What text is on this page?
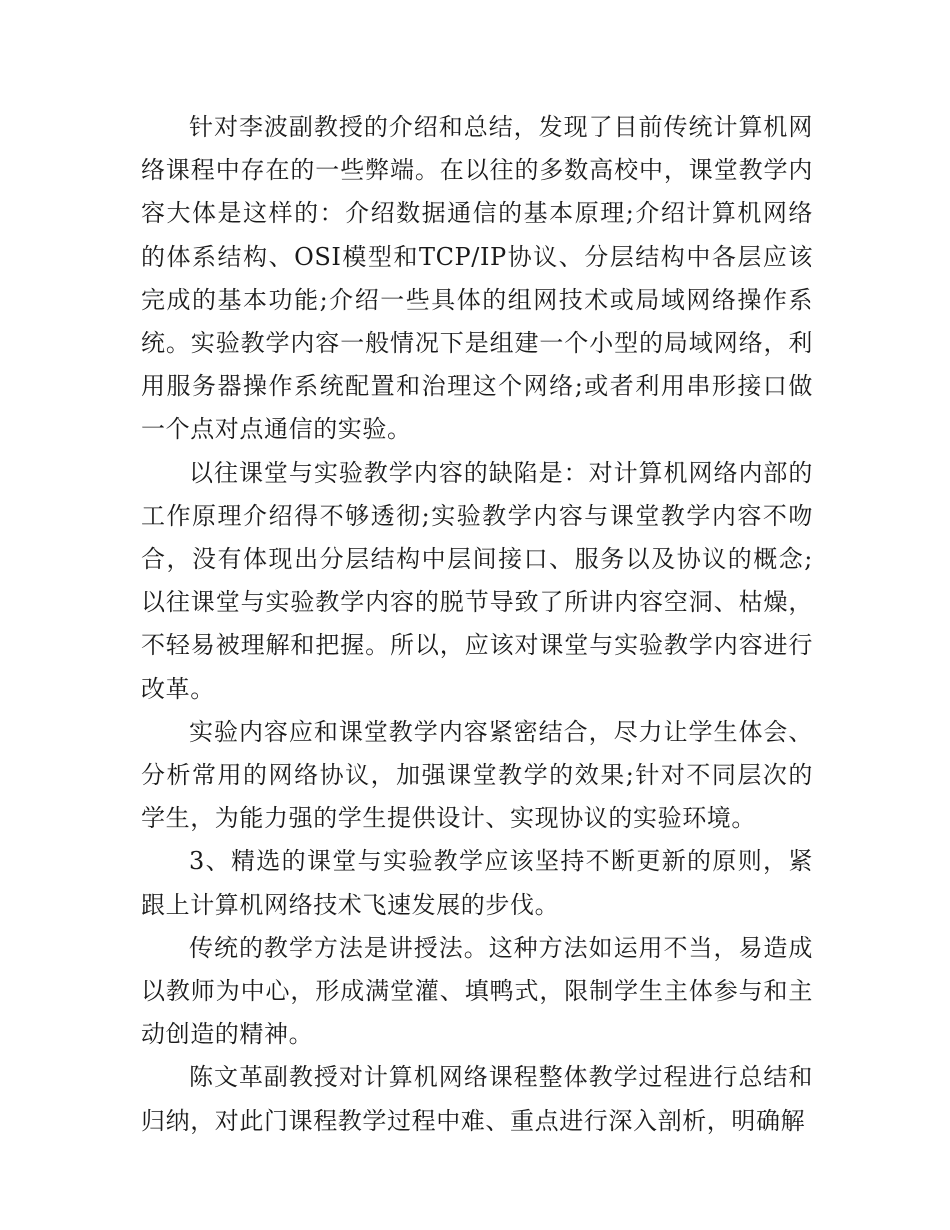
针对李波副教授的介绍和总结，发现了目前传统计算机网络课程中存在的一些弊端。在以往的多数高校中，课堂教学内容大体是这样的：介绍数据通信的基本原理;介绍计算机网络的体系结构、OSI模型和TCP/IP协议、分层结构中各层应该完成的基本功能;介绍一些具体的组网技术或局域网络操作系统。实验教学内容一般情况下是组建一个小型的局域网络，利用服务器操作系统配置和治理这个网络;或者利用串形接口做一个点对点通信的实验。

以往课堂与实验教学内容的缺陷是：对计算机网络内部的工作原理介绍得不够透彻;实验教学内容与课堂教学内容不吻合，没有体现出分层结构中层间接口、服务以及协议的概念;以往课堂与实验教学内容的脱节导致了所讲内容空洞、枯燥，不轻易被理解和把握。所以，应该对课堂与实验教学内容进行改革。

实验内容应和课堂教学内容紧密结合，尽力让学生体会、分析常用的网络协议，加强课堂教学的效果;针对不同层次的学生，为能力强的学生提供设计、实现协议的实验环境。

3、精选的课堂与实验教学应该坚持不断更新的原则，紧跟上计算机网络技术飞速发展的步伐。

传统的教学方法是讲授法。这种方法如运用不当，易造成以教师为中心，形成满堂灌、填鸭式，限制学生主体参与和主动创造的精神。

陈文革副教授对计算机网络课程整体教学过程进行总结和归纳，对此门课程教学过程中难、重点进行深入剖析，明确解
